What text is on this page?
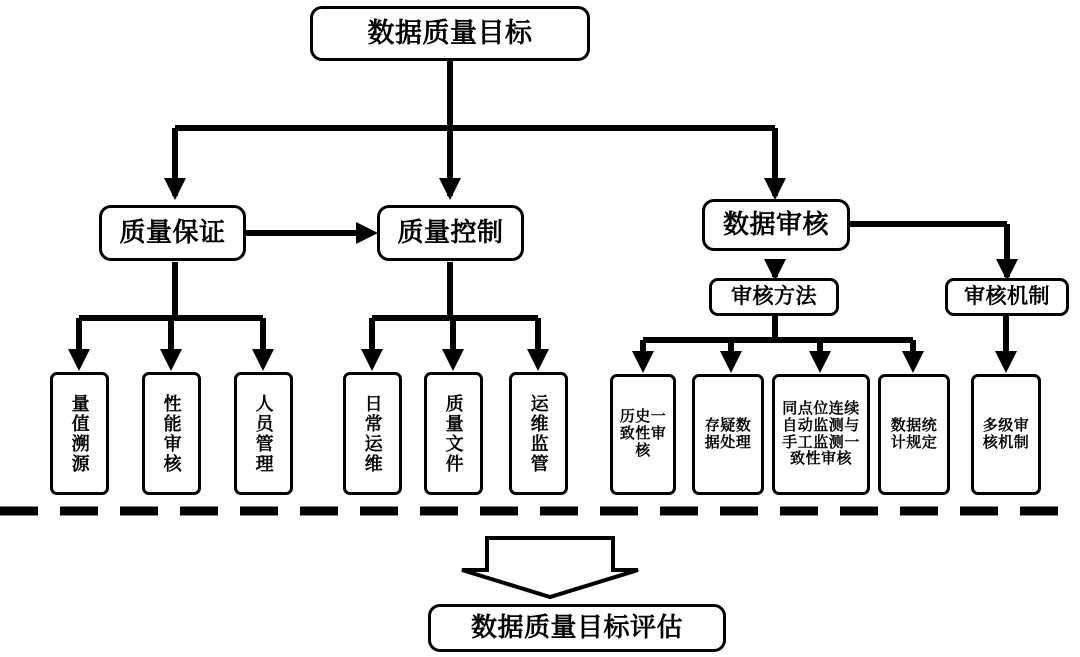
数据质量目标
质量保证	质量控制	数据审核
审核方法	审核机制
量值溯源	性能审核	人员管理	日常运维	质量文件	运维监管	历史一致性审核
存疑数据处理
同点位连续自动监测与手工监测一致性审核
数据统计规定
多级审核机制
数据质量目标评估
